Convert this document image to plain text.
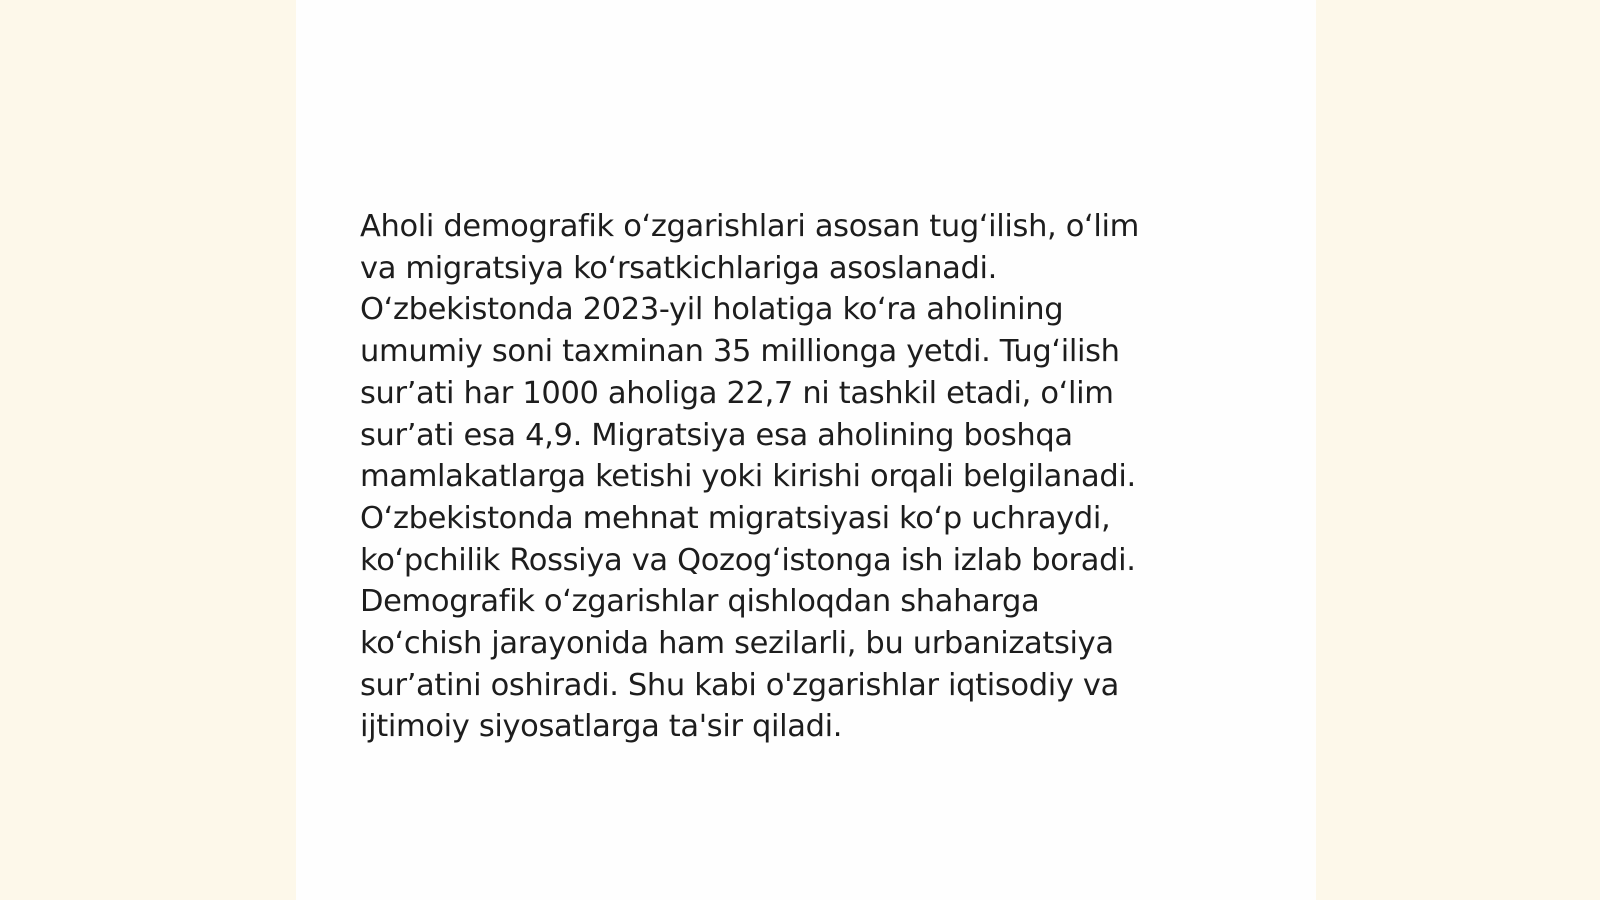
Aholi demografik oʻzgarishlari asosan tugʻilish, oʻlim
va migratsiya koʻrsatkichlariga asoslanadi.
Oʻzbekistonda 2023-yil holatiga koʻra aholining
umumiy soni taxminan 35 millionga yetdi. Tugʻilish
surʼati har 1000 aholiga 22,7 ni tashkil etadi, oʻlim
surʼati esa 4,9. Migratsiya esa aholining boshqa
mamlakatlarga ketishi yoki kirishi orqali belgilanadi.
Oʻzbekistonda mehnat migratsiyasi koʻp uchraydi,
koʻpchilik Rossiya va Qozogʻistonga ish izlab boradi.
Demografik oʻzgarishlar qishloqdan shaharga
koʻchish jarayonida ham sezilarli, bu urbanizatsiya
surʼatini oshiradi. Shu kabi o'zgarishlar iqtisodiy va
ijtimoiy siyosatlarga ta'sir qiladi.
